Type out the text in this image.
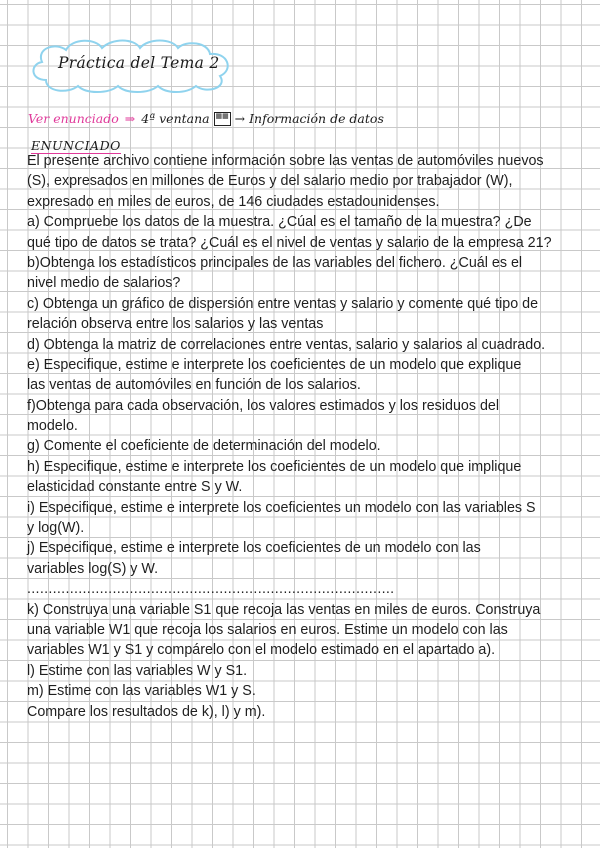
Práctica del Tema 2
Ver enunciado ⇒ 4ª ventana ▦▦ → Información de datos
ENUNCIADO
El presente archivo contiene información sobre las ventas de automóviles nuevos
(S), expresados en millones de Euros y del salario medio por trabajador (W),
expresado en miles de euros, de 146 ciudades estadounidenses.
a) Compruebe los datos de la muestra. ¿Cúal es el tamaño de la muestra? ¿De
qué tipo de datos se trata? ¿Cuál es el nivel de ventas y salario de la empresa 21?
b)Obtenga los estadísticos principales de las variables del fichero. ¿Cuál es el
nivel medio de salarios?
c) Obtenga un gráfico de dispersión entre ventas y salario y comente qué tipo de
relación observa entre los salarios y las ventas
d) Obtenga la matriz de correlaciones entre ventas, salario y salarios al cuadrado.
e) Especifique, estime e interprete los coeficientes de un modelo que explique
las ventas de automóviles en función de los salarios.
f)Obtenga para cada observación, los valores estimados y los residuos del
modelo.
g) Comente el coeficiente de determinación del modelo.
h) Especifique, estime e interprete los coeficientes de un modelo que implique
elasticidad constante entre S y W.
i) Especifique, estime e interprete los coeficientes un modelo con las variables S
y log(W).
j) Especifique, estime e interprete los coeficientes de un modelo con las
variables log(S) y W.
......................................................................................
k) Construya una variable S1 que recoja las ventas en miles de euros. Construya
una variable W1 que recoja los salarios en euros. Estime un modelo con las
variables W1 y S1 y compárelo con el modelo estimado en el apartado a).
l) Estime con las variables W y S1.
m) Estime con las variables W1 y S.
Compare los resultados de k), l) y m).
